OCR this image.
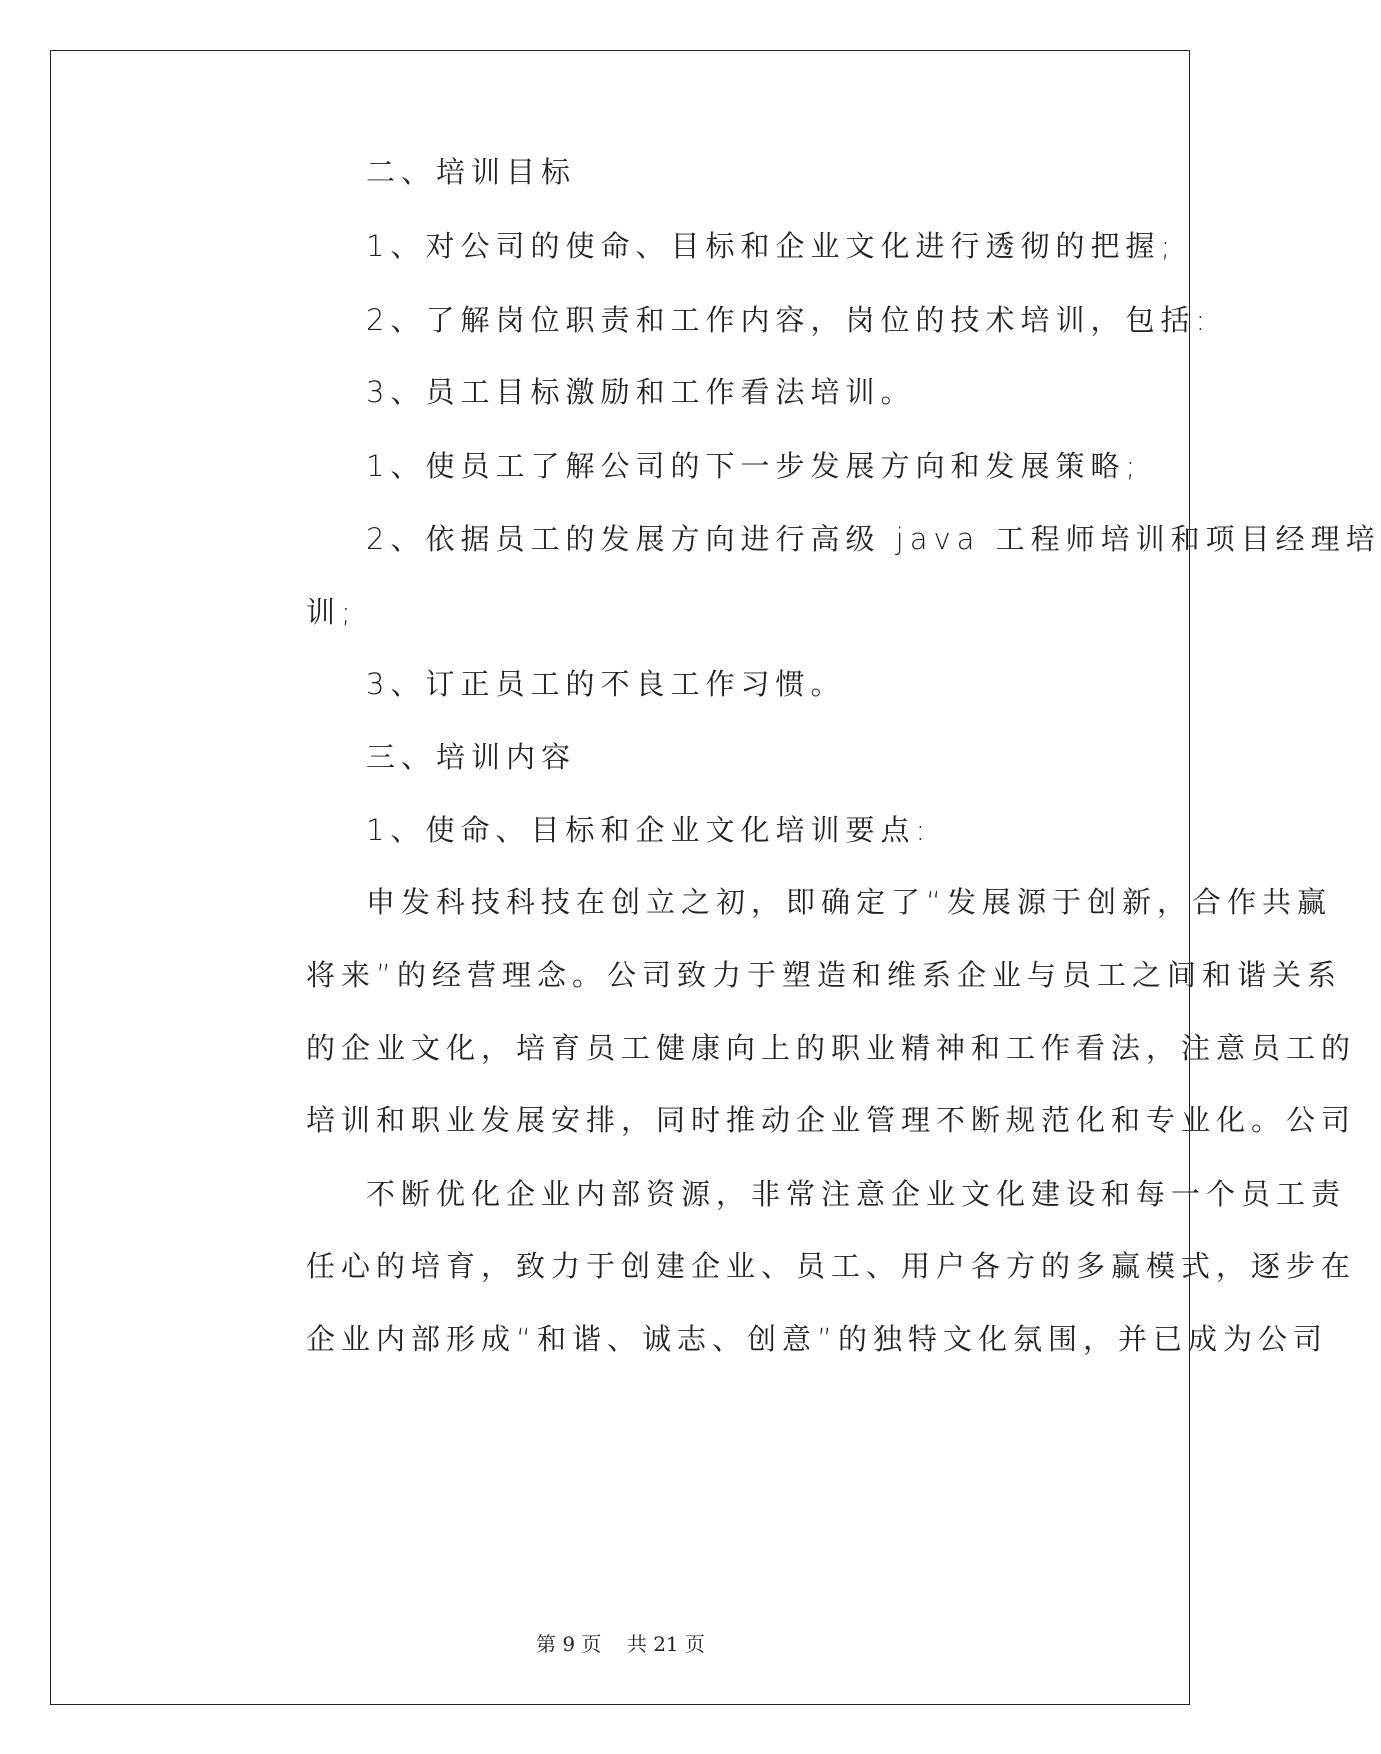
二、培训目标
1、对公司的使命、目标和企业文化进行透彻的把握;
2、了解岗位职责和工作内容，岗位的技术培训，包括:
3、员工目标激励和工作看法培训。
1、使员工了解公司的下一步发展方向和发展策略;
2、依据员工的发展方向进行高级 java 工程师培训和项目经理培
训;
3、订正员工的不良工作习惯。
三、培训内容
1、使命、目标和企业文化培训要点:
申发科技科技在创立之初，即确定了“发展源于创新，合作共赢
将来”的经营理念。公司致力于塑造和维系企业与员工之间和谐关系
的企业文化，培育员工健康向上的职业精神和工作看法，注意员工的
培训和职业发展安排，同时推动企业管理不断规范化和专业化。公司
不断优化企业内部资源，非常注意企业文化建设和每一个员工责
任心的培育，致力于创建企业、员工、用户各方的多赢模式，逐步在
企业内部形成“和谐、诚志、创意”的独特文化氛围，并已成为公司
第 9 页    共 21 页
